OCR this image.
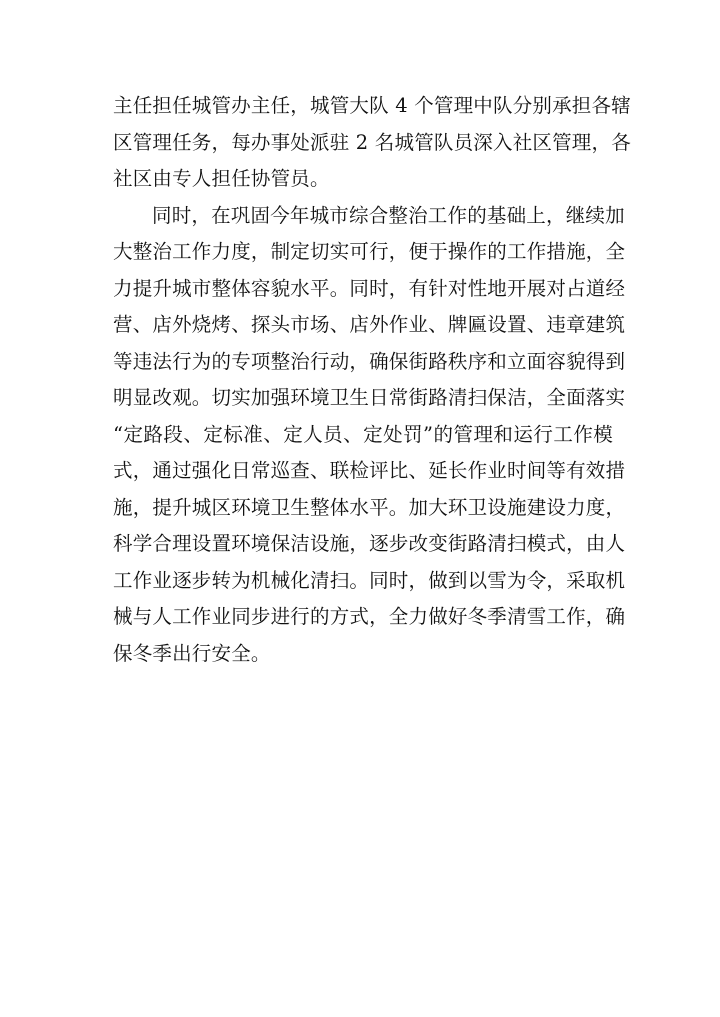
主任担任城管办主任，城管大队 4 个管理中队分别承担各辖
区管理任务，每办事处派驻 2 名城管队员深入社区管理，各
社区由专人担任协管员。
同时，在巩固今年城市综合整治工作的基础上，继续加
大整治工作力度，制定切实可行，便于操作的工作措施，全
力提升城市整体容貌水平。同时，有针对性地开展对占道经
营、店外烧烤、探头市场、店外作业、牌匾设置、违章建筑
等违法行为的专项整治行动，确保街路秩序和立面容貌得到
明显改观。切实加强环境卫生日常街路清扫保洁，全面落实
“定路段、定标准、定人员、定处罚”的管理和运行工作模
式，通过强化日常巡查、联检评比、延长作业时间等有效措
施，提升城区环境卫生整体水平。加大环卫设施建设力度，
科学合理设置环境保洁设施，逐步改变街路清扫模式，由人
工作业逐步转为机械化清扫。同时，做到以雪为令，采取机
械与人工作业同步进行的方式，全力做好冬季清雪工作，确
保冬季出行安全。
